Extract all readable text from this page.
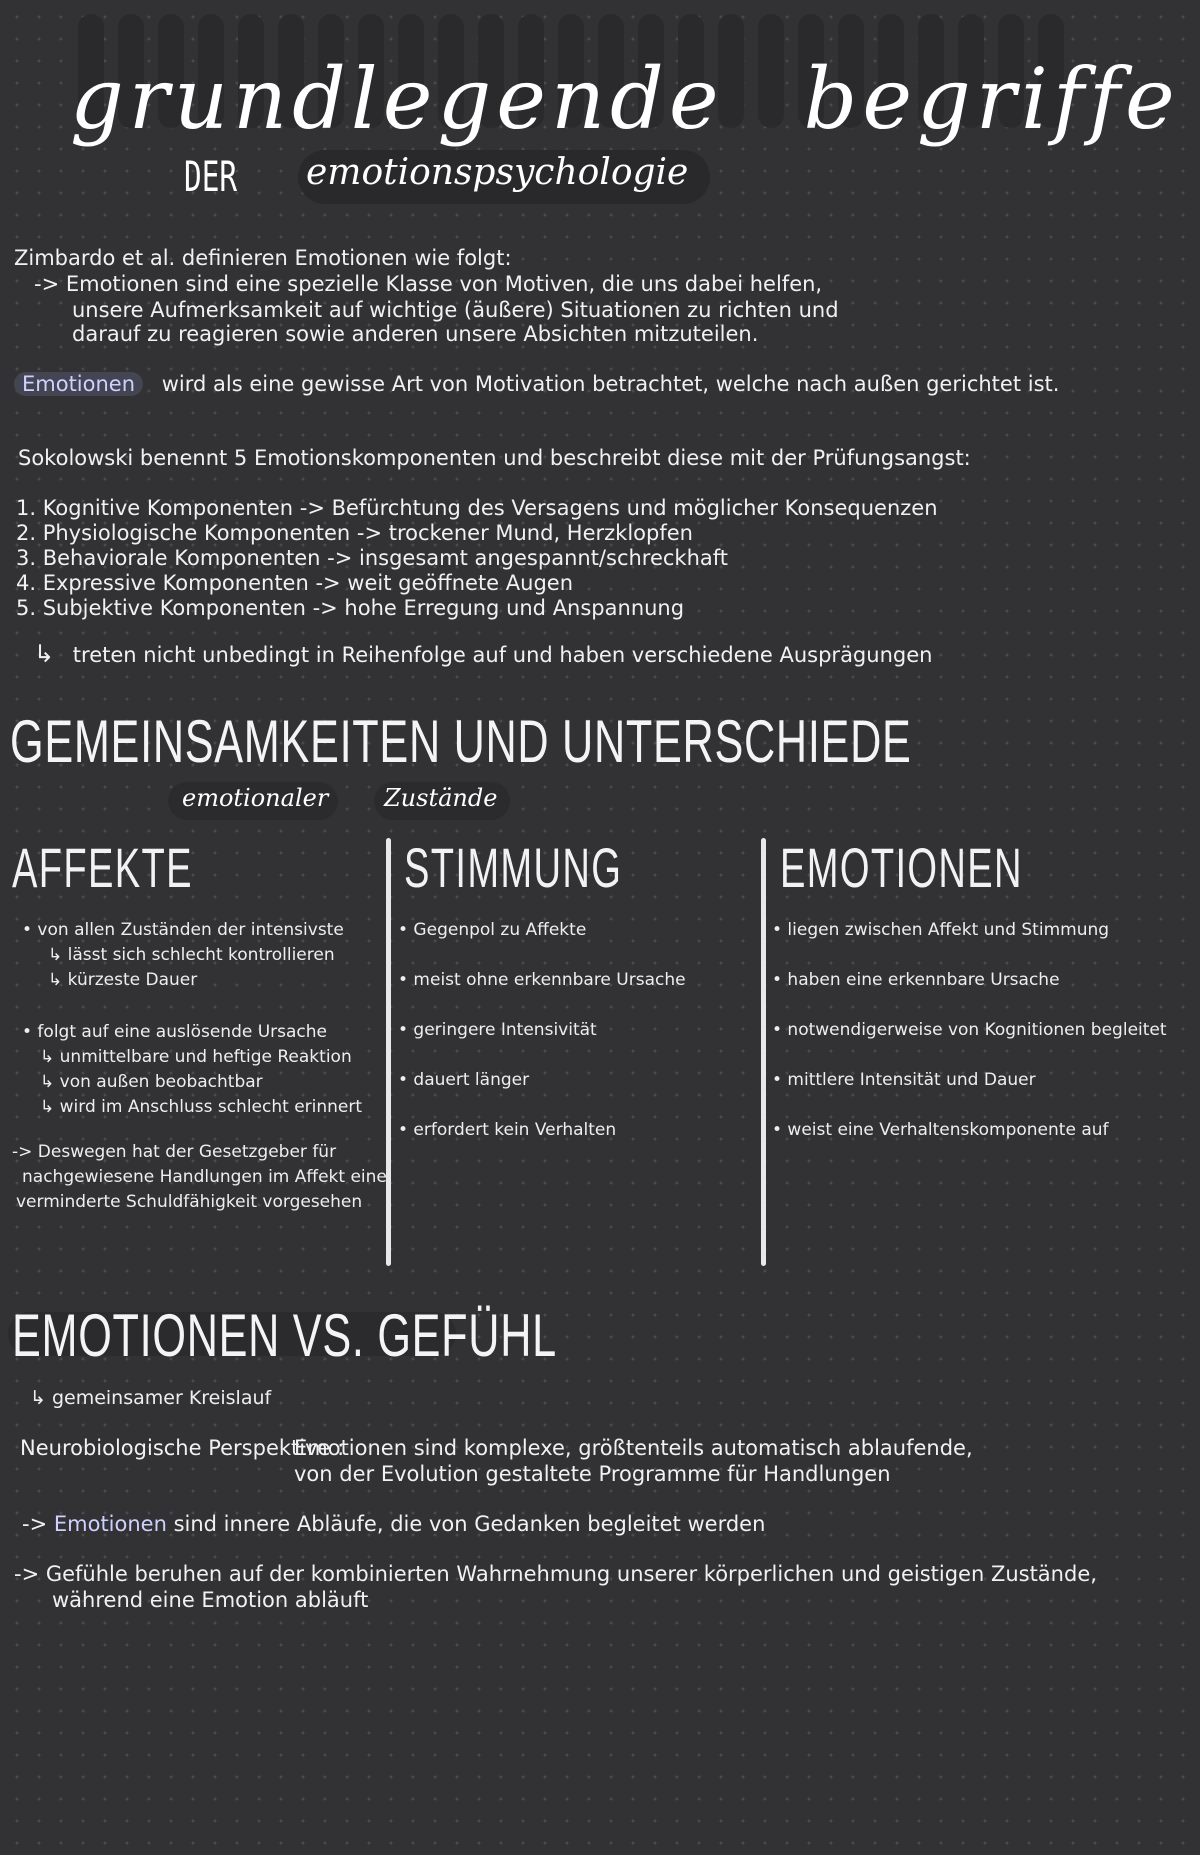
grundlegende begriffe
DER emotionspsychologie
Zimbardo et al. definieren Emotionen wie folgt:
-> Emotionen sind eine spezielle Klasse von Motiven, die uns dabei helfen,
unsere Aufmerksamkeit auf wichtige (äußere) Situationen zu richten und
darauf zu reagieren sowie anderen unsere Absichten mitzuteilen.
Emotionen wird als eine gewisse Art von Motivation betrachtet, welche nach außen gerichtet ist.
Sokolowski benennt 5 Emotionskomponenten und beschreibt diese mit der Prüfungsangst:
1. Kognitive Komponenten -> Befürchtung des Versagens und möglicher Konsequenzen
2. Physiologische Komponenten -> trockener Mund, Herzklopfen
3. Behaviorale Komponenten -> insgesamt angespannt/schreckhaft
4. Expressive Komponenten -> weit geöffnete Augen
5. Subjektive Komponenten -> hohe Erregung und Anspannung
↳ treten nicht unbedingt in Reihenfolge auf und haben verschiedene Ausprägungen
GEMEINSAMKEITEN UND UNTERSCHIEDE
emotionaler Zustände
AFFEKTE	STIMMUNG	EMOTIONEN
• von allen Zuständen der intensivste
↳ lässt sich schlecht kontrollieren
↳ kürzeste Dauer
• folgt auf eine auslösende Ursache
↳ unmittelbare und heftige Reaktion
↳ von außen beobachtbar
↳ wird im Anschluss schlecht erinnert
-> Deswegen hat der Gesetzgeber für
nachgewiesene Handlungen im Affekt eine
verminderte Schuldfähigkeit vorgesehen
• Gegenpol zu Affekte
• meist ohne erkennbare Ursache
• geringere Intensivität
• dauert länger
• erfordert kein Verhalten
• liegen zwischen Affekt und Stimmung
• haben eine erkennbare Ursache
• notwendigerweise von Kognitionen begleitet
• mittlere Intensität und Dauer
• weist eine Verhaltenskomponente auf
EMOTIONEN VS. GEFÜHL
↳ gemeinsamer Kreislauf
Neurobiologische Perspektive :
Emotionen sind komplexe, größtenteils automatisch ablaufende,
von der Evolution gestaltete Programme für Handlungen
-> Emotionen sind innere Abläufe, die von Gedanken begleitet werden
-> Gefühle beruhen auf der kombinierten Wahrnehmung unserer körperlichen und geistigen Zustände,
während eine Emotion abläuft
